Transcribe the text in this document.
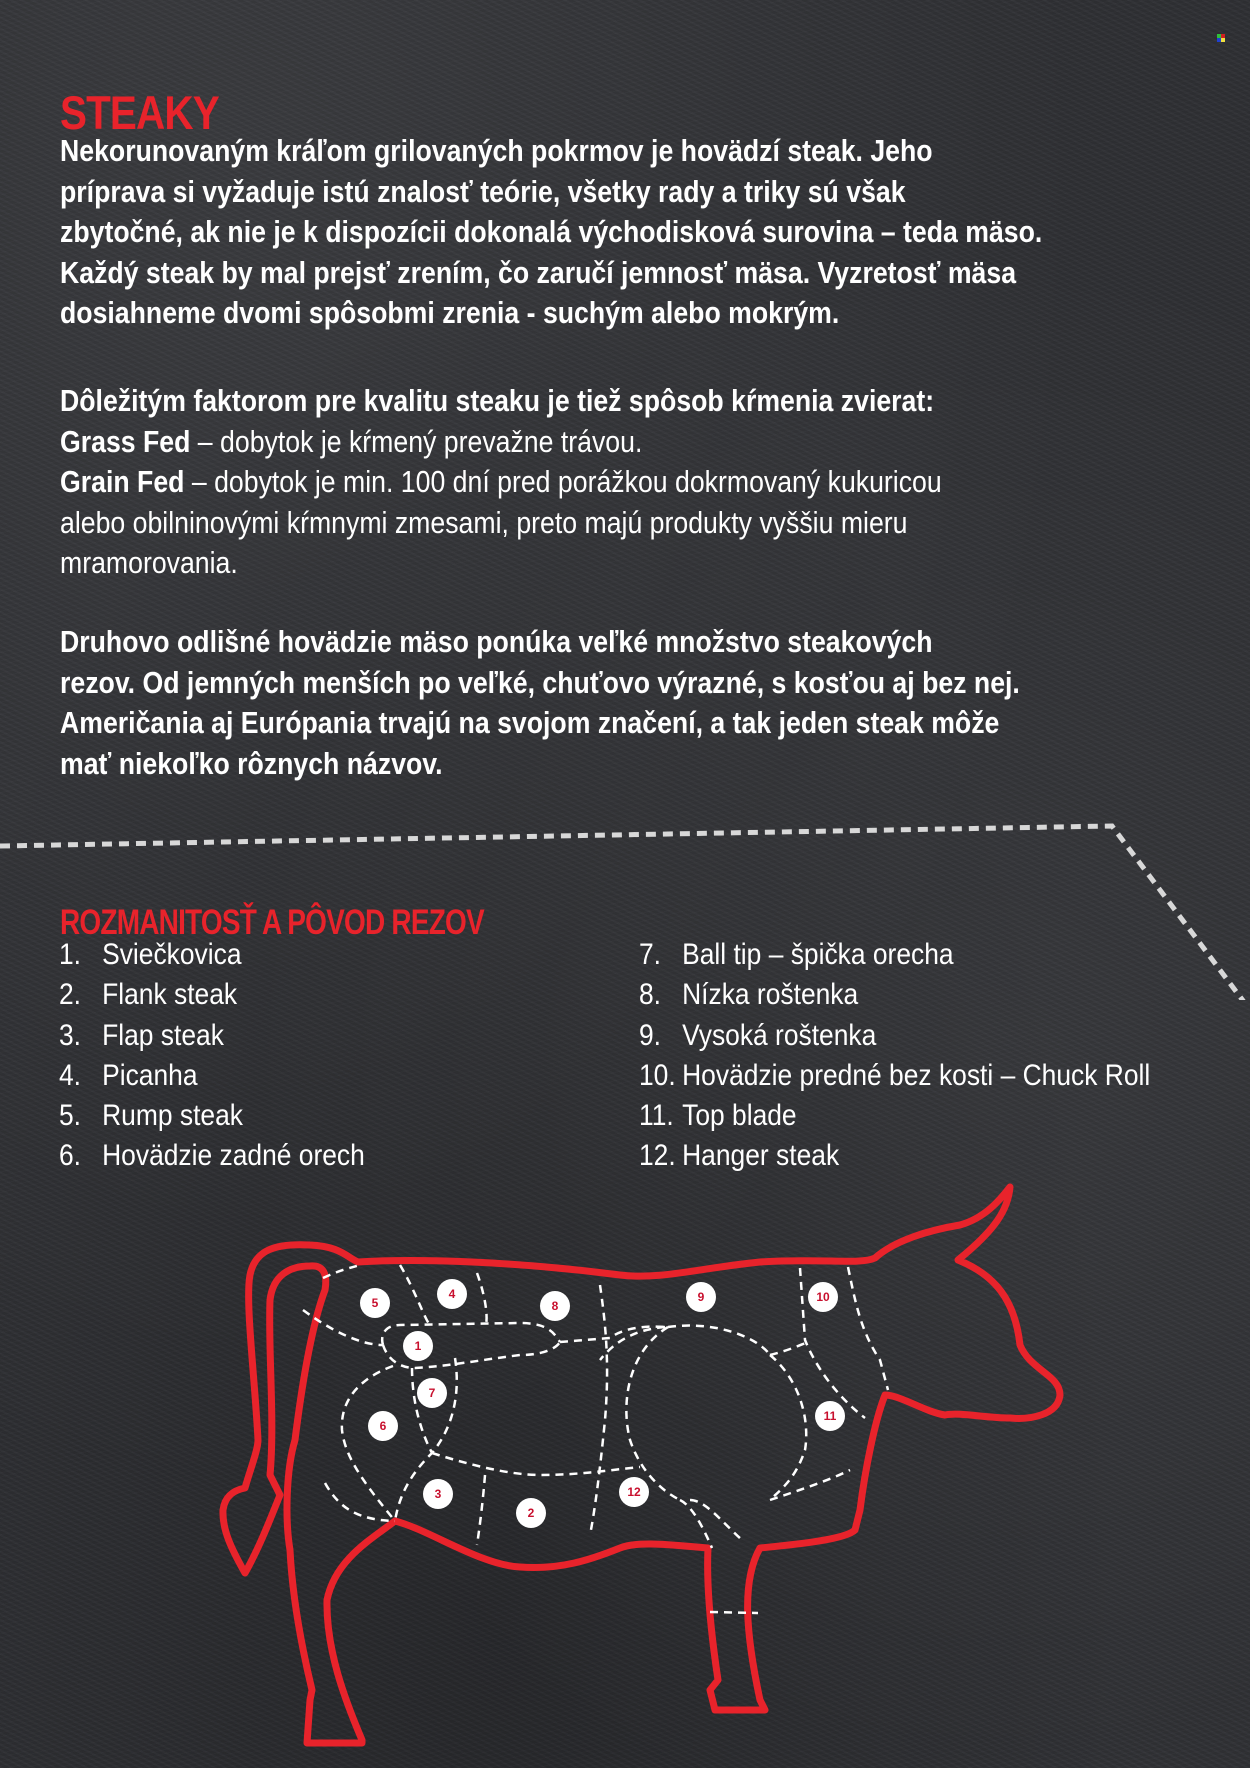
STEAKY
Nekorunovaným kráľom grilovaných pokrmov je hovädzí steak. Jeho
príprava si vyžaduje istú znalosť teórie, všetky rady a triky sú však
zbytočné, ak nie je k dispozícii dokonalá východisková surovina – teda mäso.
Každý steak by mal prejsť zrením, čo zaručí jemnosť mäsa. Vyzretosť mäsa
dosiahneme dvomi spôsobmi zrenia - suchým alebo mokrým.
Dôležitým faktorom pre kvalitu steaku je tiež spôsob kŕmenia zvierat:
Grass Fed – dobytok je kŕmený prevažne trávou.
Grain Fed – dobytok je min. 100 dní pred porážkou dokrmovaný kukuricou
alebo obilninovými kŕmnymi zmesami, preto majú produkty vyššiu mieru
mramorovania.
Druhovo odlišné hovädzie mäso ponúka veľké množstvo steakových
rezov. Od jemných menších po veľké, chuťovo výrazné, s kosťou aj bez nej.
Američania aj Európania trvajú na svojom značení, a tak jeden steak môže
mať niekoľko rôznych názvov.
ROZMANITOSŤ A PÔVOD REZOV
1. Sviečkovica
2. Flank steak
3. Flap steak
4. Picanha
5. Rump steak
6. Hovädzie zadné orech
7. Ball tip – špička orecha
8. Nízka roštenka
9. Vysoká roštenka
10. Hovädzie predné bez kosti – Chuck Roll
11. Top blade
12. Hanger steak
1
2
3
4
5
6
7
8
9	10
11
12
